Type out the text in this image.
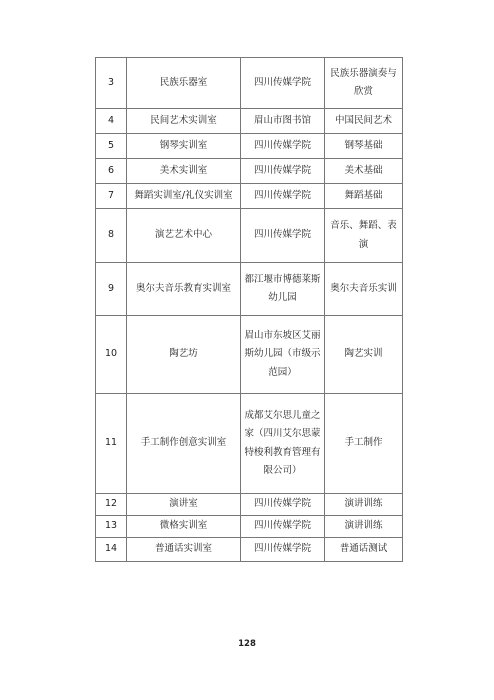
3	民族乐器室	四川传媒学院	民族乐器演奏与欣赏
4	民间艺术实训室	眉山市图书馆	中国民间艺术
5	钢琴实训室	四川传媒学院	钢琴基础
6	美术实训室	四川传媒学院	美术基础
7	舞蹈实训室/礼仪实训室	四川传媒学院	舞蹈基础
8	演艺艺术中心	四川传媒学院	音乐、舞蹈、表演
9	奥尔夫音乐教育实训室	都江堰市博德莱斯幼儿园	奥尔夫音乐实训
10	陶艺坊	眉山市东坡区艾丽斯幼儿园（市级示范园）	陶艺实训
11	手工制作创意实训室	成都艾尔思儿童之家（四川艾尔思蒙特梭利教育管理有限公司）	手工制作
12	演讲室	四川传媒学院	演讲训练
13	微格实训室	四川传媒学院	演讲训练
14	普通话实训室	四川传媒学院	普通话测试
128
